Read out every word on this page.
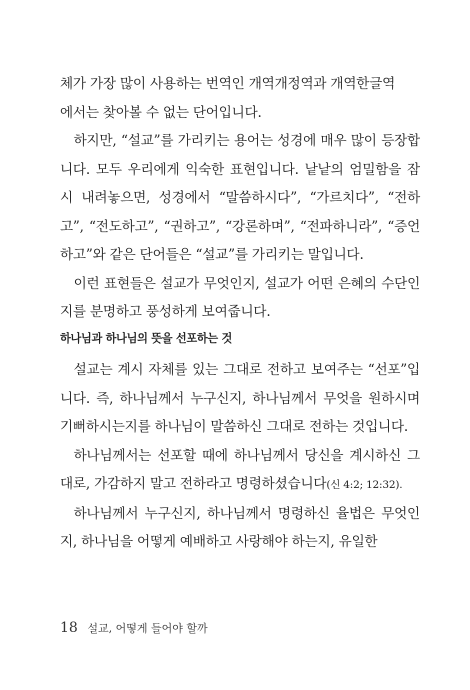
체가 가장 많이 사용하는 번역인 개역개정역과 개역한글역
에서는 찾아볼 수 없는 단어입니다.

하지만, “설교”를 가리키는 용어는 성경에 매우 많이 등장합니다. 모두 우리에게 익숙한 표현입니다. 낱낱의 엄밀함을 잠시 내려놓으면, 성경에서 “말씀하시다”, “가르치다”, “전하고”, “전도하고”, “권하고”, “강론하며”, “전파하니라”, “증언하고”와 같은 단어들은 “설교”를 가리키는 말입니다.

이런 표현들은 설교가 무엇인지, 설교가 어떤 은혜의 수단인지를 분명하고 풍성하게 보여줍니다.

하나님과 하나님의 뜻을 선포하는 것

설교는 계시 자체를 있는 그대로 전하고 보여주는 “선포”입니다. 즉, 하나님께서 누구신지, 하나님께서 무엇을 원하시며 기뻐하시는지를 하나님이 말씀하신 그대로 전하는 것입니다.

하나님께서는 선포할 때에 하나님께서 당신을 계시하신 그대로, 가감하지 말고 전하라고 명령하셨습니다(신 4:2; 12:32).

하나님께서 누구신지, 하나님께서 명령하신 율법은 무엇인지, 하나님을 어떻게 예배하고 사랑해야 하는지, 유일한

18 설교, 어떻게 들어야 할까
